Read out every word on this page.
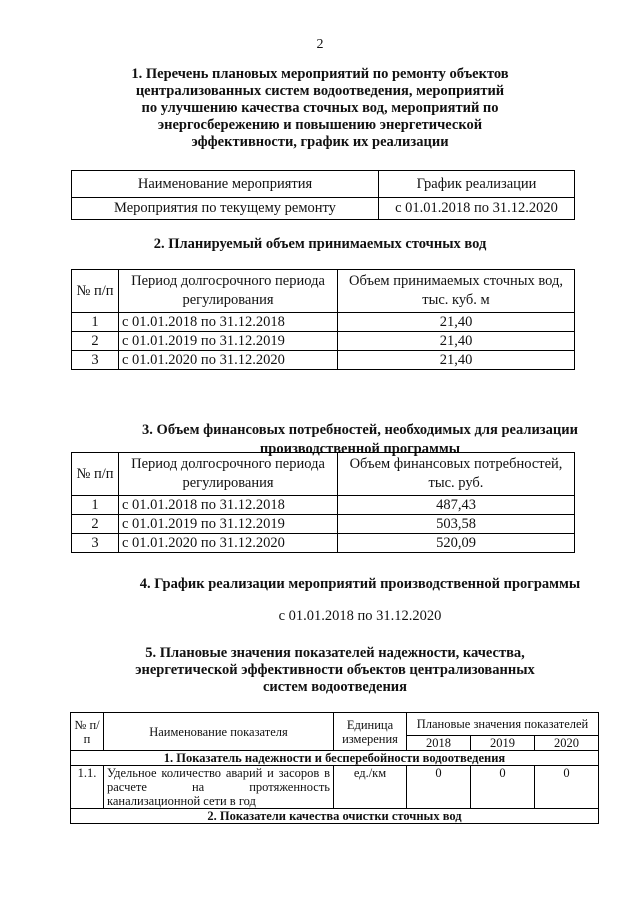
2
1. Перечень плановых мероприятий по ремонту объектов
централизованных систем водоотведения, мероприятий
по улучшению качества сточных вод, мероприятий по
энергосбережению и повышению энергетической
эффективности, график их реализации
Наименование мероприятия	График реализации
Мероприятия по текущему ремонту	с 01.01.2018 по 31.12.2020
2. Планируемый объем принимаемых сточных вод
№ п/п	Период долгосрочного периода регулирования	Объем принимаемых сточных вод, тыс. куб. м
1	с 01.01.2018 по 31.12.2018	21,40
2	с 01.01.2019 по 31.12.2019	21,40
3	с 01.01.2020 по 31.12.2020	21,40
3. Объем финансовых потребностей, необходимых для реализации
производственной программы
№ п/п	Период долгосрочного периода регулирования	Объем финансовых потребностей, тыс. руб.
1	с 01.01.2018 по 31.12.2018	487,43
2	с 01.01.2019 по 31.12.2019	503,58
3	с 01.01.2020 по 31.12.2020	520,09
4. График реализации мероприятий производственной программы
с 01.01.2018 по 31.12.2020
5. Плановые значения показателей надежности, качества,
энергетической эффективности объектов централизованных
систем водоотведения
№ п/п	Наименование показателя	Единица измерения	Плановые значения показателей		
			2018	2019	2020
1. Показатель надежности и бесперебойности водоотведения					
1.1.	Удельное количество аварий и засоров в расчете на протяженность канализационной сети в год	ед./км	0	0	0
2. Показатели качества очистки сточных вод					
